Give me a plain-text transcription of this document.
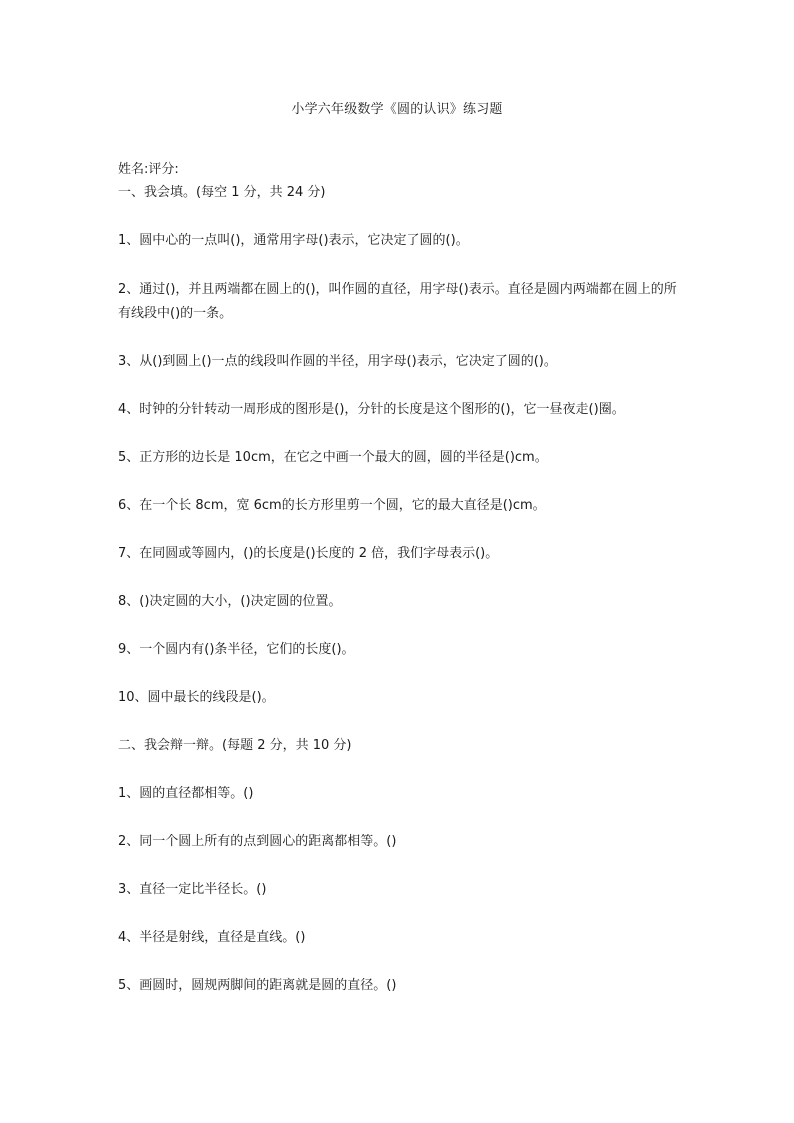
小学六年级数学《圆的认识》练习题
姓名:评分:
一、我会填。(每空 1 分，共 24 分)
1、圆中心的一点叫()，通常用字母()表示，它决定了圆的()。
2、通过()，并且两端都在圆上的()，叫作圆的直径，用字母()表示。直径是圆内两端都在圆上的所有线段中()的一条。
3、从()到圆上()一点的线段叫作圆的半径，用字母()表示，它决定了圆的()。
4、时钟的分针转动一周形成的图形是()，分针的长度是这个图形的()，它一昼夜走()圈。
5、正方形的边长是 10cm，在它之中画一个最大的圆，圆的半径是()cm。
6、在一个长 8cm，宽 6cm的长方形里剪一个圆，它的最大直径是()cm。
7、在同圆或等圆内，()的长度是()长度的 2 倍，我们字母表示()。
8、()决定圆的大小，()决定圆的位置。
9、一个圆内有()条半径，它们的长度()。
10、圆中最长的线段是()。
二、我会辩一辩。(每题 2 分，共 10 分)
1、圆的直径都相等。()
2、同一个圆上所有的点到圆心的距离都相等。()
3、直径一定比半径长。()
4、半径是射线，直径是直线。()
5、画圆时，圆规两脚间的距离就是圆的直径。()
